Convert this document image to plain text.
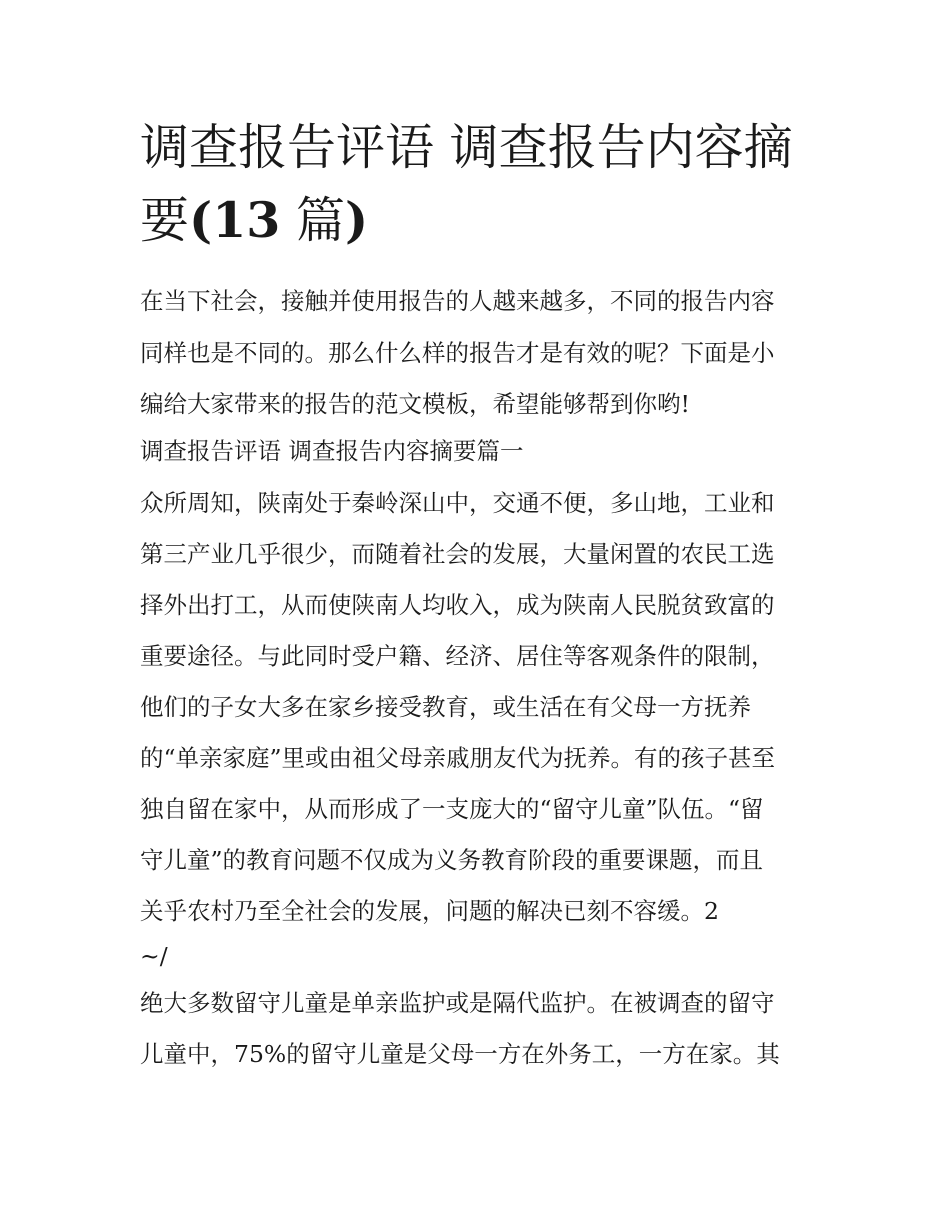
调查报告评语 调查报告内容摘
要(13 篇)

在当下社会，接触并使用报告的人越来越多，不同的报告内容

同样也是不同的。那么什么样的报告才是有效的呢？下面是小

编给大家带来的报告的范文模板，希望能够帮到你哟!

调查报告评语 调查报告内容摘要篇一

众所周知，陕南处于秦岭深山中，交通不便，多山地，工业和

第三产业几乎很少，而随着社会的发展，大量闲置的农民工选

择外出打工，从而使陕南人均收入，成为陕南人民脱贫致富的

重要途径。与此同时受户籍、经济、居住等客观条件的限制，

他们的子女大多在家乡接受教育，或生活在有父母一方抚养

的“单亲家庭”里或由祖父母亲戚朋友代为抚养。有的孩子甚至

独自留在家中，从而形成了一支庞大的“留守儿童”队伍。“留

守儿童”的教育问题不仅成为义务教育阶段的重要课题，而且

关乎农村乃至全社会的发展，问题的解决已刻不容缓。2

~/

绝大多数留守儿童是单亲监护或是隔代监护。在被调查的留守

儿童中，75%的留守儿童是父母一方在外务工，一方在家。其
